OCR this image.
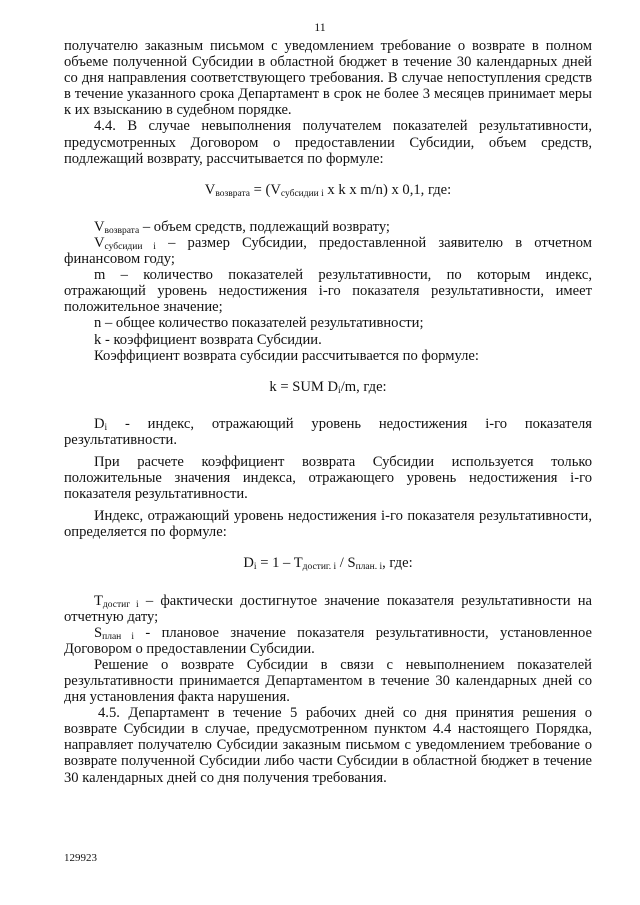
11

получателю заказным письмом с уведомлением требование о возврате в полном объеме полученной Субсидии в областной бюджет в течение 30 календарных дней со дня направления соответствующего требования. В случае непоступления средств в течение указанного срока Департамент в срок не более 3 месяцев принимает меры к их взысканию в судебном порядке.

4.4. В случае невыполнения получателем показателей результативности, предусмотренных Договором о предоставлении Субсидии, объем средств, подлежащий возврату, рассчитывается по формуле:

$V_{возврата} = (V_{субсидии i}$ x k x m/n) x 0,1, где:

$V_{возврата}$ – объем средств, подлежащий возврату;

$V_{субсидии i}$ – размер Субсидии, предоставленной заявителю в отчетном финансовом году;

m – количество показателей результативности, по которым индекс, отражающий уровень недостижения i-го показателя результативности, имеет положительное значение;

n – общее количество показателей результативности;

k - коэффициент возврата Субсидии.

Коэффициент возврата субсидии рассчитывается по формуле:

k = SUM $D_i/m$, где:

$D_i$ - индекс, отражающий уровень недостижения i-го показателя результативности.

При расчете коэффициент возврата Субсидии используется только положительные значения индекса, отражающего уровень недостижения i-го показателя результативности.

Индекс, отражающий уровень недостижения i-го показателя результативности, определяется по формуле:

$D_i = 1 - T_{достиг. i} / S_{план. i}$, где:

$T_{достиг i}$ – фактически достигнутое значение показателя результативности на отчетную дату;

$S_{план i}$ - плановое значение показателя результативности, установленное Договором о предоставлении Субсидии.

Решение о возврате Субсидии в связи с невыполнением показателей результативности принимается Департаментом в течение 30 календарных дней со дня установления факта нарушения.

4.5. Департамент в течение 5 рабочих дней со дня принятия решения о возврате Субсидии в случае, предусмотренном пунктом 4.4 настоящего Порядка, направляет получателю Субсидии заказным письмом с уведомлением требование о возврате полученной Субсидии либо части Субсидии в областной бюджет в течение 30 календарных дней со дня получения требования.

129923
